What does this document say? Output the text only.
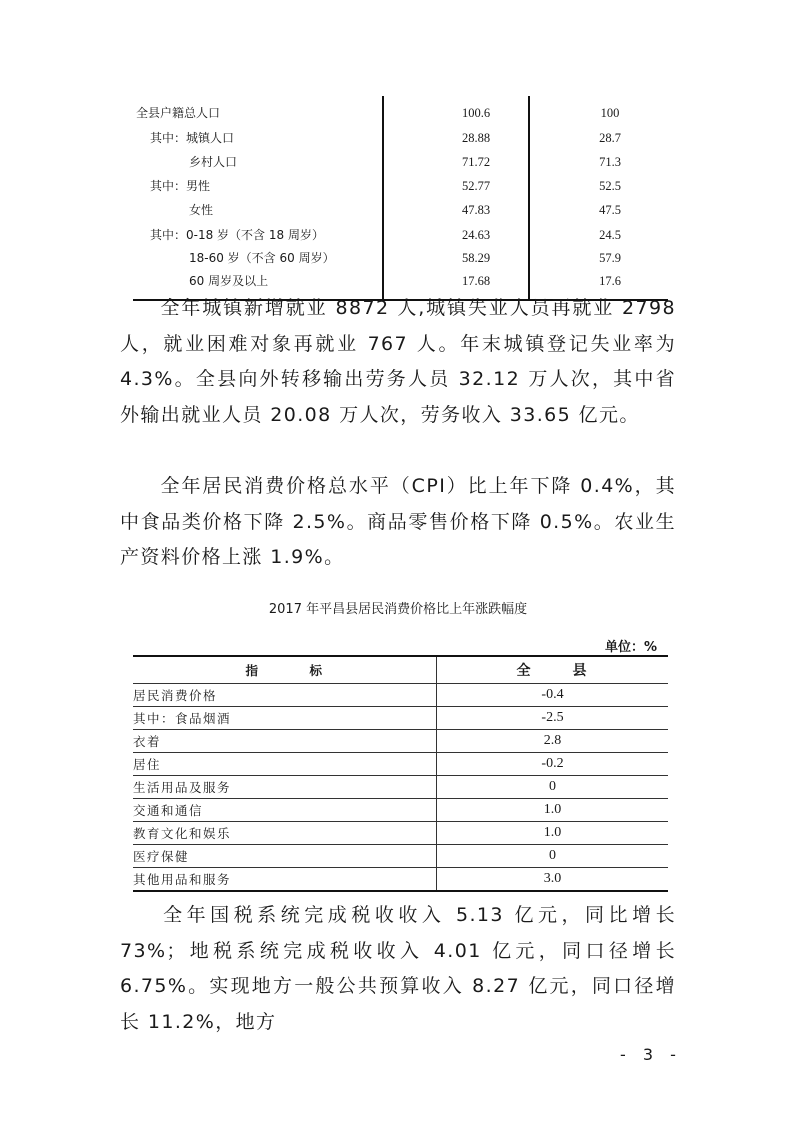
全县户籍总人口	100.6	100
其中：城镇人口	28.88	28.7
乡村人口	71.72	71.3
其中：男性	52.77	52.5
女性	47.83	47.5
其中：0-18 岁（不含 18 周岁）	24.63	24.5
18-60 岁（不含 60 周岁）	58.29	57.9
60 周岁及以上	17.68	17.6

全年城镇新增就业 8872 人,城镇失业人员再就业 2798 人，就业困难对象再就业 767 人。年末城镇登记失业率为 4.3%。全县向外转移输出劳务人员 32.12 万人次，其中省外输出就业人员 20.08 万人次，劳务收入 33.65 亿元。

全年居民消费价格总水平（CPI）比上年下降 0.4%，其中食品类价格下降 2.5%。商品零售价格下降 0.5%。农业生产资料价格上涨 1.9%。

2017 年平昌县居民消费价格比上年涨跌幅度
单位：%
指 标	全 县
居民消费价格	-0.4
其中：食品烟酒	-2.5
衣着	2.8
居住	-0.2
生活用品及服务	0
交通和通信	1.0
教育文化和娱乐	1.0
医疗保健	0
其他用品和服务	3.0

全年国税系统完成税收收入 5.13 亿元，同比增长 73%；地税系统完成税收收入 4.01 亿元，同口径增长 6.75%。实现地方一般公共预算收入 8.27 亿元，同口径增长 11.2%，地方

- 3 -
